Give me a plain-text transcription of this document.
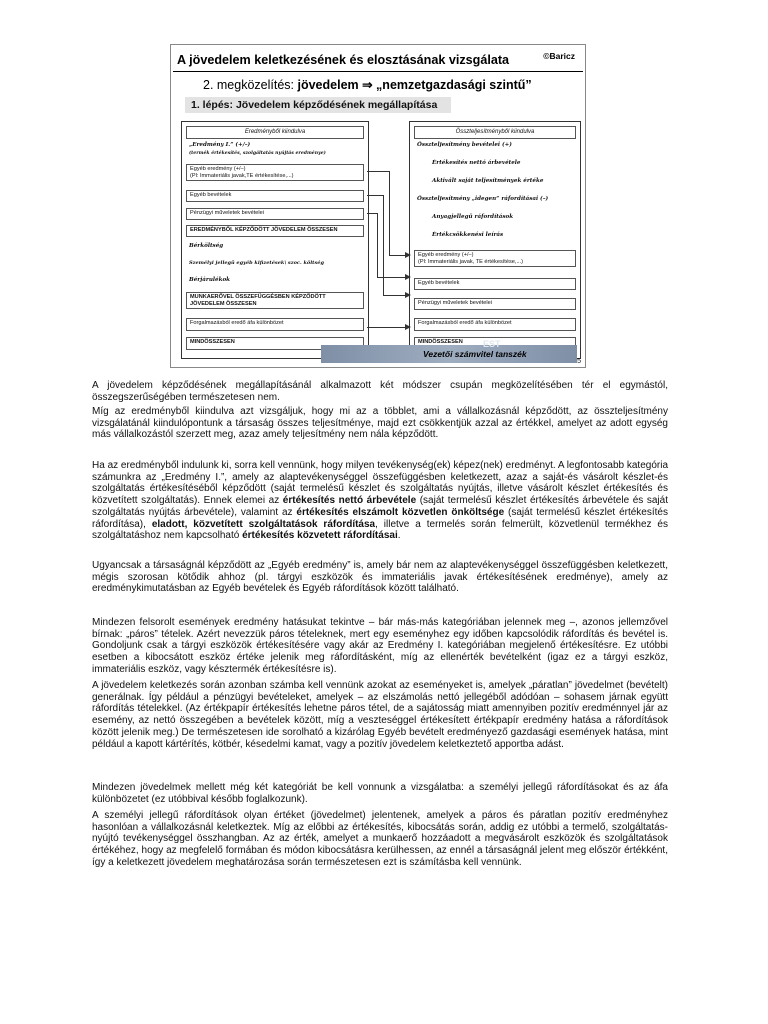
A jövedelem keletkezésének és elosztásának vizsgálata	©Baricz
2. megközelítés: jövedelem ⇒ „nemzetgazdasági szintű”
1. lépés: Jövedelem képződésének megállapítása
Eredményből kiindulva
„Eredmény I.” (+/–)
(termék értékesítés, szolgáltatás nyújtás eredménye)
Egyéb eredmény (+/–)
(Pl: Immateriális javak,TE értékesítése,...)
Egyéb bevételek
Pénzügyi műveletek bevételei
EREDMÉNYBŐL KÉPZŐDÖTT JÖVEDELEM ÖSSZESEN
Bérköltség
Személyi jellegű egyéb kifizetések\ szoc. költség
Bérjárulékok
MUNKAERŐVEL ÖSSZEFÜGGÉSBEN KÉPZŐDÖTT
JÖVEDELEM ÖSSZESEN
Forgalmazásból eredő áfa különbözet
MINDÖSSZESEN
Össztelјesítményből kiindulva
Össztelјesítmény bevételei (+)
Értékesítés nettó árbevétele
Aktivált saját teljesítmények értéke
Össztelјesítmény „idegen” ráfordításai (–)
Anyagjellegű ráfordítások
Értékcsökkenési leírás
Egyéb eredmény (+/–)
(Pl: Immateriális javak, TE értékesítése,...)
Egyéb bevételek
Pénzügyi műveletek bevételei
Forgalmazásból eredő áfa különbözet
MINDÖSSZESEN	EST
Vezetői számvitel tanszék
5
A jövedelem képződésének megállapításánál alkalmazott két módszer csupán megközelítésében tér el egymástól, összegszerűségében természetesen nem.
Míg az eredményből kiindulva azt vizsgáljuk, hogy mi az a többlet, ami a vállalkozásnál képződött, az össztelјesítmény vizsgálatánál kiindulópontunk a társaság összes teljesítménye, majd ezt csökkentjük azzal az értékkel, amelyet az adott egység más vállalkozástól szerzett meg, azaz amely teljesítmény nem nála képződött.
Ha az eredményből indulunk ki, sorra kell vennünk, hogy milyen tevékenység(ek) képez(nek) eredményt. A legfontosabb kategória számunkra az „Eredmény I.”, amely az alaptevékenységgel összefüggésben keletkezett, azaz a saját-és vásárolt készlet-és szolgáltatás értékesítéséből képződött (saját termelésű készlet és szolgáltatás nyújtás, illetve vásárolt készlet értékesítés és közvetített szolgáltatás). Ennek elemei az értékesítés nettó árbevétele (saját termelésű készlet értékesítés árbevétele és saját szolgáltatás nyújtás árbevétele), valamint az értékesítés elszámolt közvetlen önköltsége (saját termelésű készlet értékesítés ráfordítása), eladott, közvetített szolgáltatások ráfordítása, illetve a termelés során felmerült, közvetlenül termékhez és szolgáltatáshoz nem kapcsolható értékesítés közvetett ráfordításai.
Ugyancsak a társaságnál képződött az „Egyéb eredmény” is, amely bár nem az alaptevékenységgel összefüggésben keletkezett, mégis szorosan kötődik ahhoz (pl. tárgyi eszközök és immateriális javak értékesítésének eredménye), amely az eredménykimutatásban az Egyéb bevételek és Egyéb ráfordítások között található.
Mindezen felsorolt események eredmény hatásukat tekintve – bár más-más kategóriában jelennek meg –, azonos jellemzővel bírnak: „páros” tételek. Azért nevezzük páros tételeknek, mert egy eseményhez egy időben kapcsolódik ráfordítás és bevétel is. Gondoljunk csak a tárgyi eszközök értékesítésére vagy akár az Eredmény I. kategóriában megjelenő értékesítésre. Ez utóbbi esetben a kibocsátott eszköz értéke jelenik meg ráfordításként, míg az ellenérték bevételként (igaz ez a tárgyi eszköz, immateriális eszköz, vagy késztermék értékesítésre is).
A jövedelem keletkezés során azonban számba kell vennünk azokat az eseményeket is, amelyek „páratlan” jövedelmet (bevételt) generálnak. Így például a pénzügyi bevételeket, amelyek – az elszámolás nettó jellegéből adódóan – sohasem járnak együtt ráfordítás tételekkel. (Az értékpapír értékesítés lehetne páros tétel, de a sajátosság miatt amennyiben pozitív eredménnyel jár az esemény, az nettó összegében a bevételek között, míg a veszteséggel értékesített értékpapír eredmény hatása a ráfordítások között jelenik meg.) De természetesen ide sorolható a kizárólag Egyéb bevételt eredményező gazdasági események hatása, mint például a kapott kártérítés, kötbér, késedelmi kamat, vagy a pozitív jövedelem keletkeztető apportba adást.
Mindezen jövedelmek mellett még két kategóriát be kell vonnunk a vizsgálatba: a személyi jellegű ráfordításokat és az áfa különbözetet (ez utóbbival később foglalkozunk).
A személyi jellegű ráfordítások olyan értéket (jövedelmet) jelentenek, amelyek a páros és páratlan pozitív eredményhez hasonlóan a vállalkozásnál keletkeztek. Míg az előbbi az értékesítés, kibocsátás során, addig ez utóbbi a termelő, szolgáltatás-nyújtó tevékenységgel összhangban. Az az érték, amelyet a munkaerő hozzáadott a megvásárolt eszközök és szolgáltatások értékéhez, hogy az megfelelő formában és módon kibocsátásra kerülhessen, az ennél a társaságnál jelent meg először értékként, így a keletkezett jövedelem meghatározása során természetesen ezt is számításba kell vennünk.
